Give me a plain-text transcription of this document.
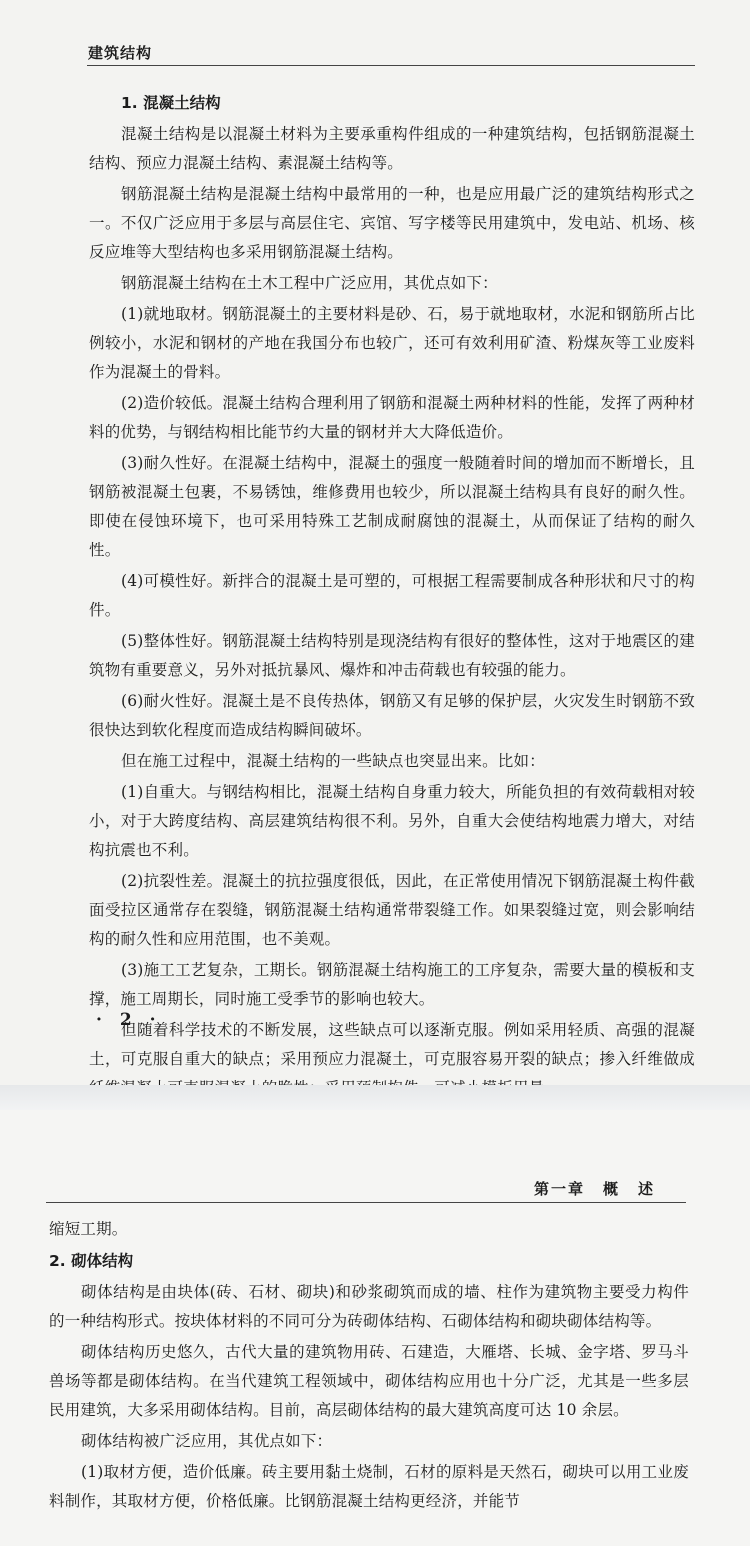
建筑结构
1. 混凝土结构

混凝土结构是以混凝土材料为主要承重构件组成的一种建筑结构，包括钢筋混凝土结构、预应力混凝土结构、素混凝土结构等。

钢筋混凝土结构是混凝土结构中最常用的一种，也是应用最广泛的建筑结构形式之一。不仅广泛应用于多层与高层住宅、宾馆、写字楼等民用建筑中，发电站、机场、核反应堆等大型结构也多采用钢筋混凝土结构。

钢筋混凝土结构在土木工程中广泛应用，其优点如下：

(1)就地取材。钢筋混凝土的主要材料是砂、石，易于就地取材，水泥和钢筋所占比例较小，水泥和钢材的产地在我国分布也较广，还可有效利用矿渣、粉煤灰等工业废料作为混凝土的骨料。

(2)造价较低。混凝土结构合理利用了钢筋和混凝土两种材料的性能，发挥了两种材料的优势，与钢结构相比能节约大量的钢材并大大降低造价。

(3)耐久性好。在混凝土结构中，混凝土的强度一般随着时间的增加而不断增长，且钢筋被混凝土包裹，不易锈蚀，维修费用也较少，所以混凝土结构具有良好的耐久性。即使在侵蚀环境下，也可采用特殊工艺制成耐腐蚀的混凝土，从而保证了结构的耐久性。

(4)可模性好。新拌合的混凝土是可塑的，可根据工程需要制成各种形状和尺寸的构件。

(5)整体性好。钢筋混凝土结构特别是现浇结构有很好的整体性，这对于地震区的建筑物有重要意义，另外对抵抗暴风、爆炸和冲击荷载也有较强的能力。

(6)耐火性好。混凝土是不良传热体，钢筋又有足够的保护层，火灾发生时钢筋不致很快达到软化程度而造成结构瞬间破坏。

但在施工过程中，混凝土结构的一些缺点也突显出来。比如：

(1)自重大。与钢结构相比，混凝土结构自身重力较大，所能负担的有效荷载相对较小，对于大跨度结构、高层建筑结构很不利。另外，自重大会使结构地震力增大，对结构抗震也不利。

(2)抗裂性差。混凝土的抗拉强度很低，因此，在正常使用情况下钢筋混凝土构件截面受拉区通常存在裂缝，钢筋混凝土结构通常带裂缝工作。如果裂缝过宽，则会影响结构的耐久性和应用范围，也不美观。

(3)施工工艺复杂，工期长。钢筋混凝土结构施工的工序复杂，需要大量的模板和支撑，施工周期长，同时施工受季节的影响也较大。

但随着科学技术的不断发展，这些缺点可以逐渐克服。例如采用轻质、高强的混凝土，可克服自重大的缺点；采用预应力混凝土，可克服容易开裂的缺点；掺入纤维做成

· 2 ·
第一章 概 述

缩短工期。

2. 砌体结构

砌体结构是由块体(砖、石材、砌块)和砂浆砌筑而成的墙、柱作为建筑物主要受力构件的一种结构形式。按块体材料的不同可分为砖砌体结构、石砌体结构和砌块砌体结构等。

砌体结构历史悠久，古代大量的建筑物用砖、石建造，大雁塔、长城、金字塔、罗马斗兽场等都是砌体结构。在当代建筑工程领域中，砌体结构应用也十分广泛，尤其是一些多层民用建筑，大多采用砌体结构。目前，高层砌体结构的最大建筑高度可达 10 余层。

砌体结构被广泛应用，其优点如下：

(1)取材方便，造价低廉。砖主要用黏土烧制，石材的原料是天然石，砌块可以用工业废料制作，其取材方便，价格低廉。比钢筋混凝土结构更经济，并能节
